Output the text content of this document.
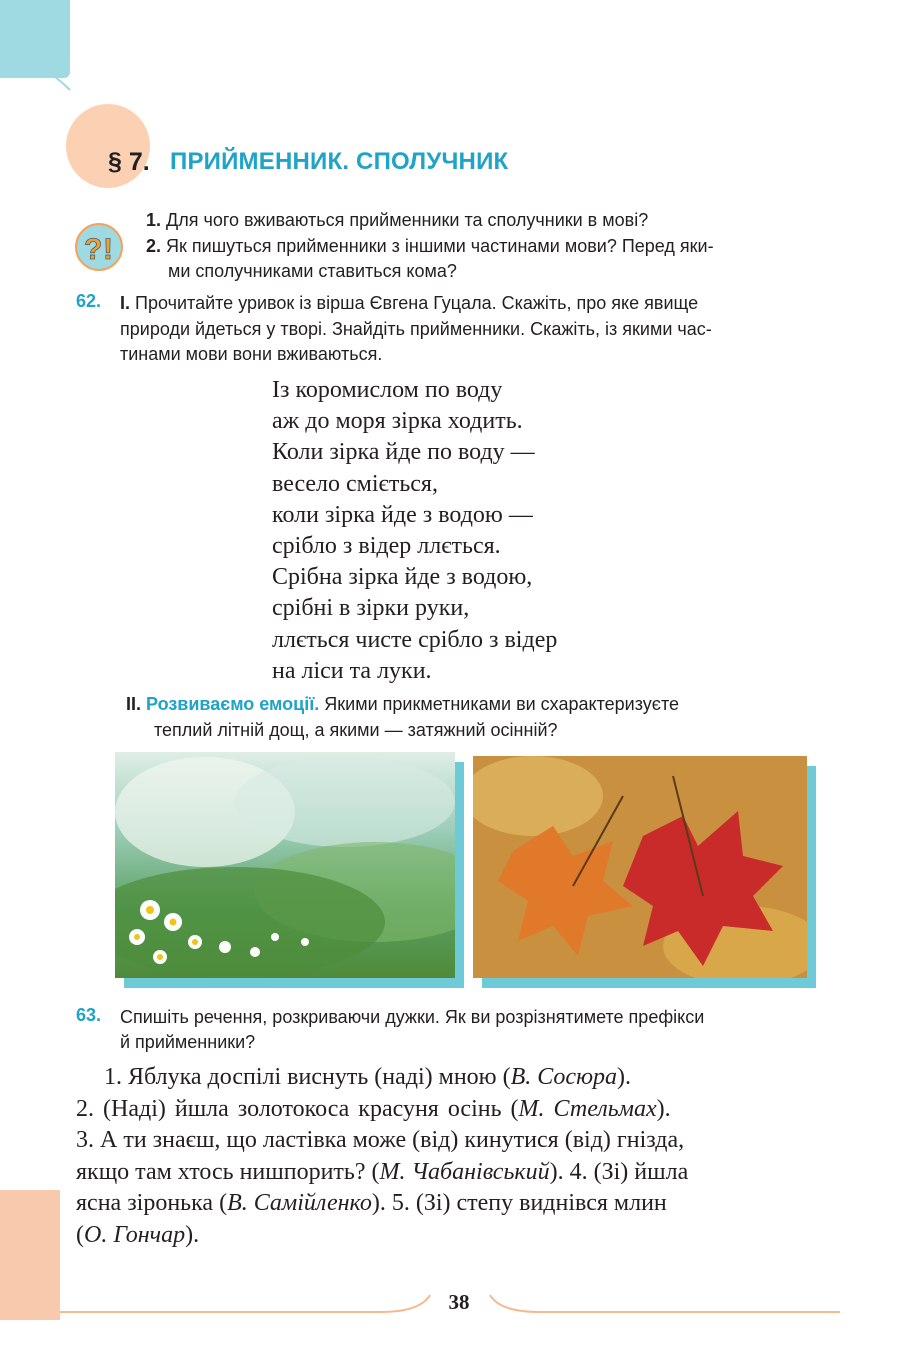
§ 7. ПРИЙМЕННИК. СПОЛУЧНИК
? !
1. Для чого вживаються прийменники та сполучники в мові?
2. Як пишуться прийменники з іншими частинами мови? Перед яки-
ми сполучниками ставиться кома?
62. I. Прочитайте уривок із вірша Євгена Гуцала. Скажіть, про яке явище
природи йдеться у творі. Знайдіть прийменники. Скажіть, із якими час-
тинами мови вони вживаються.
Із коромислом по воду
аж до моря зірка ходить.
Коли зірка йде по воду —
весело сміється,
коли зірка йде з водою —
срібло з відер ллється.
Срібна зірка йде з водою,
срібні в зірки руки,
ллється чисте срібло з відер
на ліси та луки.
II. Розвиваємо емоції. Якими прикметниками ви схарактеризуєте
теплий літній дощ, а якими — затяжний осінній?
63. Спишіть речення, розкриваючи дужки. Як ви розрізнятимете префікси
й прийменники?
1. Яблука доспілі виснуть (наді) мною (В. Сосюра).
2. (Наді) йшла золотокоса красуня осінь (М. Стельмах).
3. А ти знаєш, що ластівка може (від) кинутися (від) гнізда,
якщо там хтось нишпорить? (М. Чабанівський). 4. (Зі) йшла
ясна зіронька (В. Самійленко). 5. (Зі) степу виднівся млин
(О. Гончар).
38
